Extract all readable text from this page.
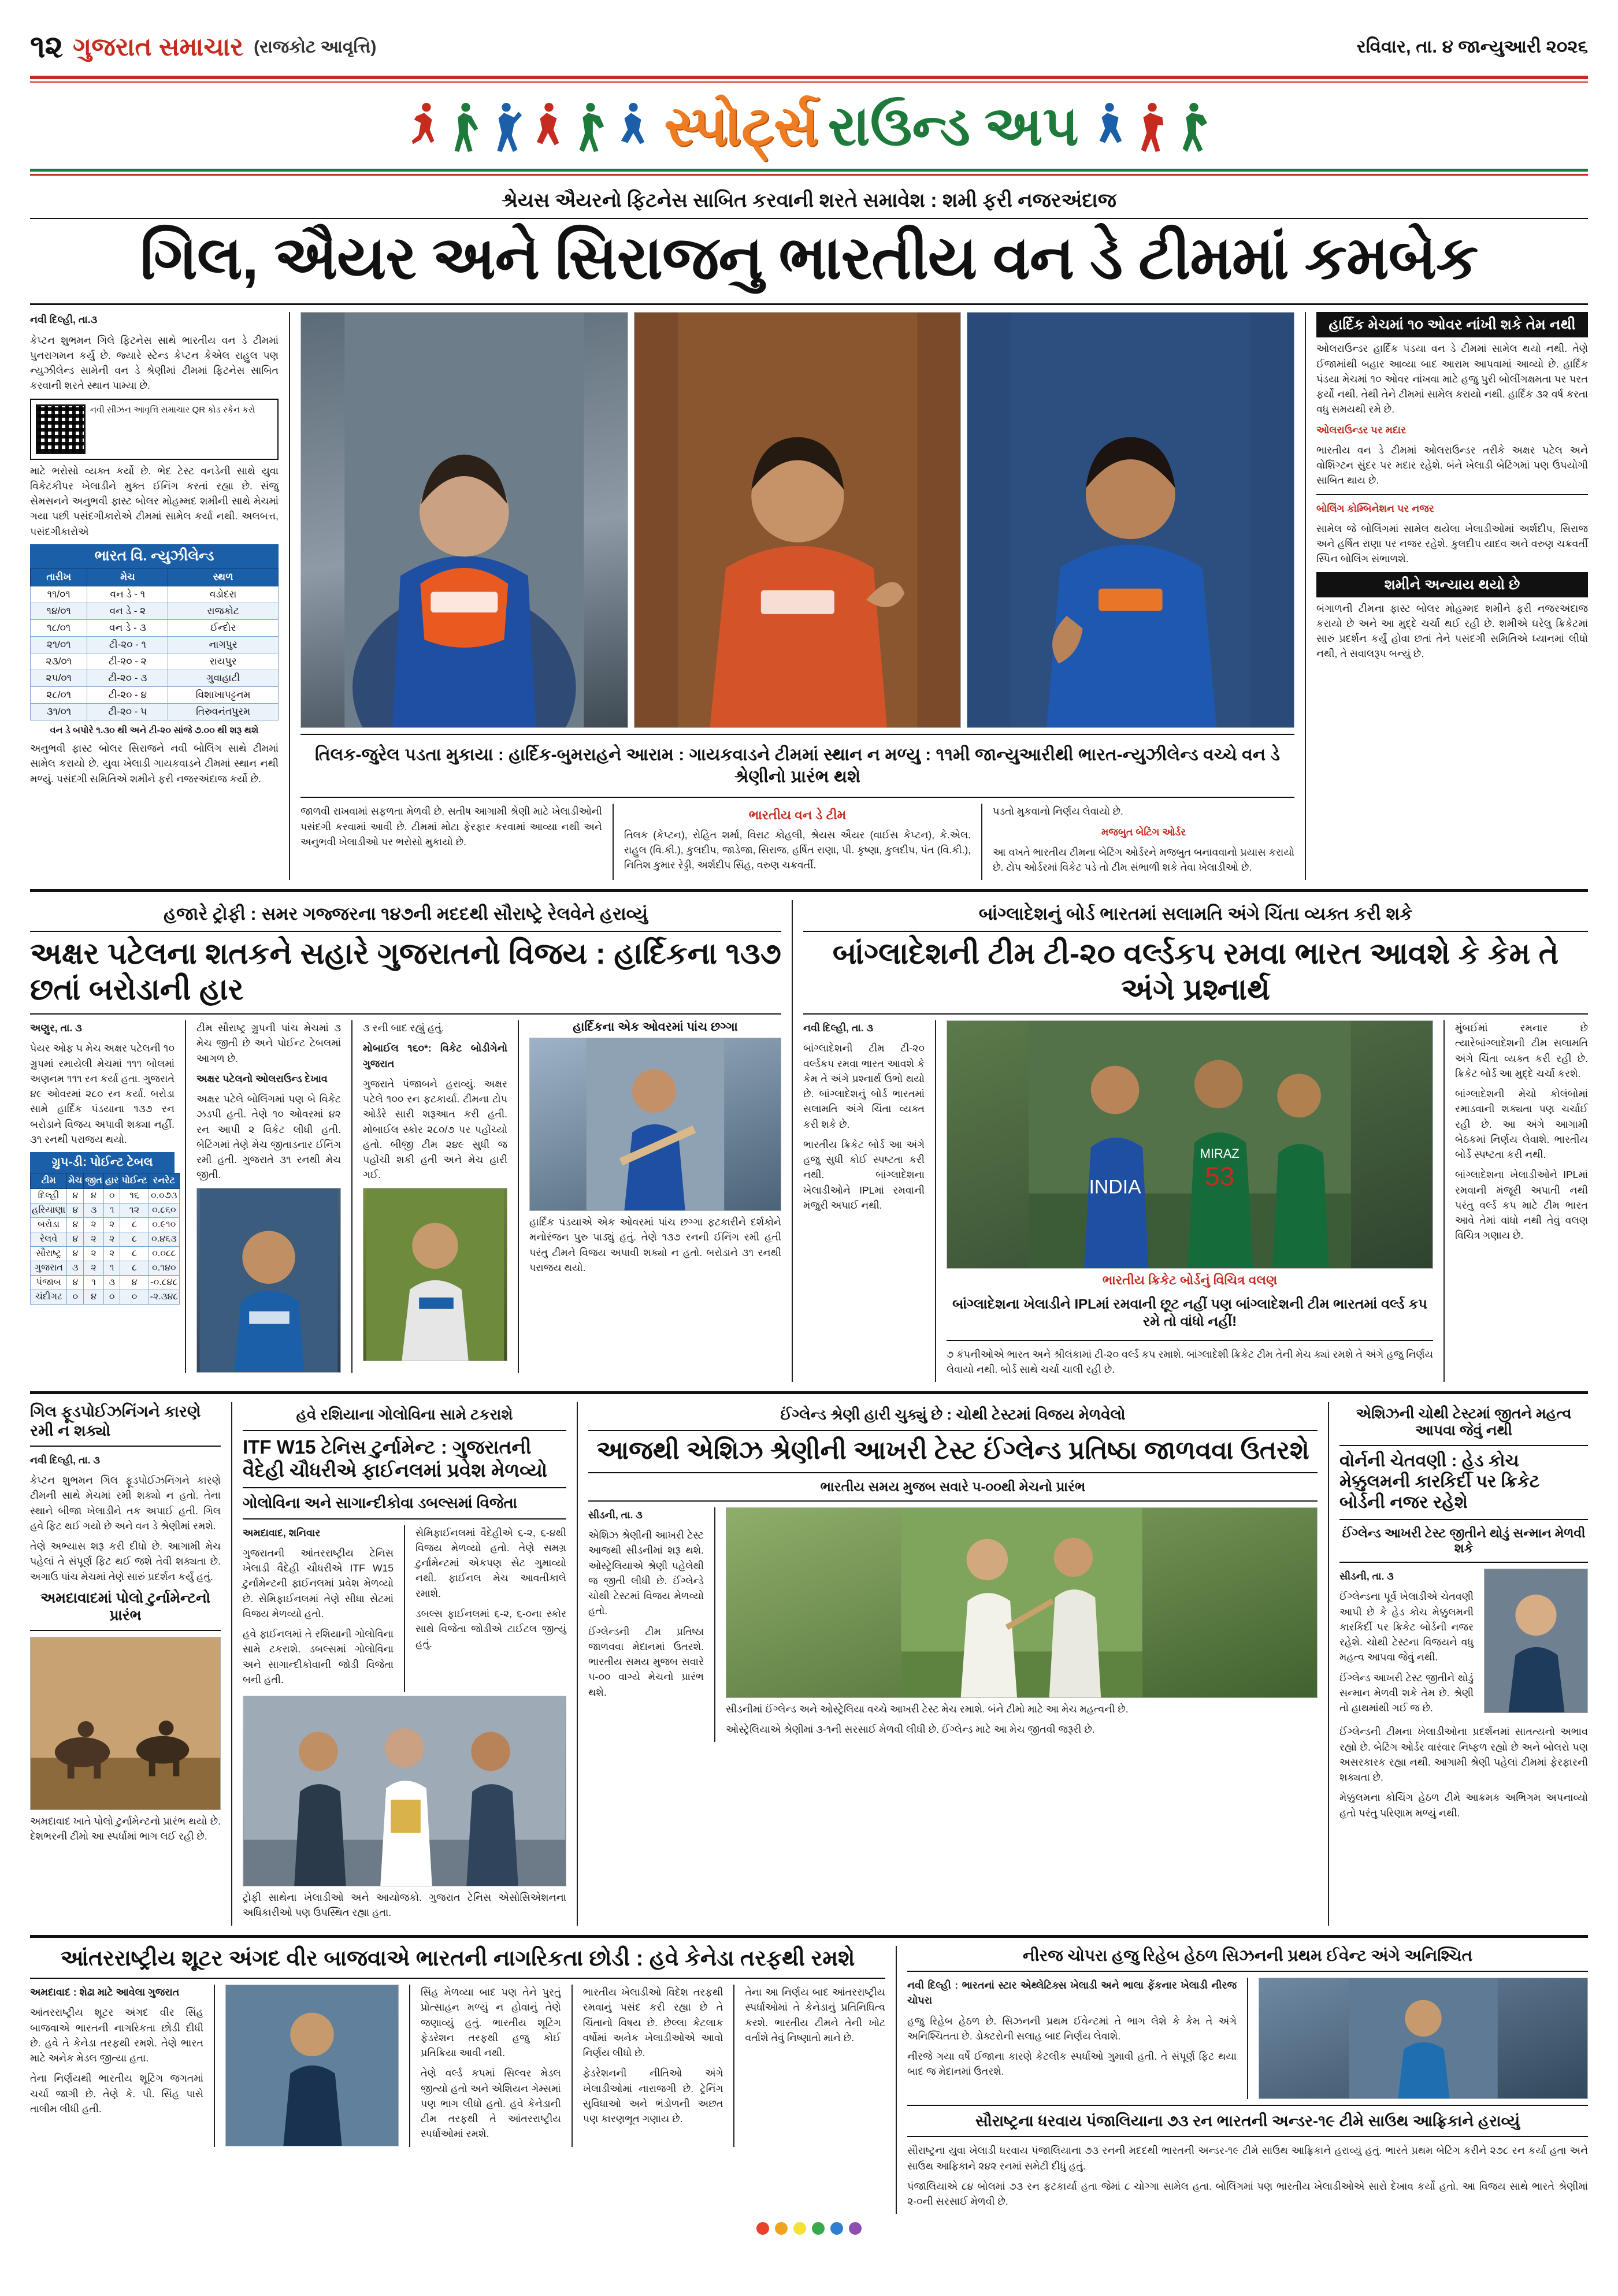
૧૨ ગુજરાત સમાચાર (રાજકોટ આવૃત્તિ)	રવિવાર, તા. ૪ જાન્યુઆરી ૨૦૨૬
સ્પોર્ટ્સ રાઉન્ડ અપ
શ્રેયસ ઐયરનો ફિટનેસ સાબિત કરવાની શરતે સમાવેશ : શમી ફરી નજરઅંદાજ
ગિલ, ઐયર અને સિરાજનુ ભારતીય વન ડે ટીમમાં કમબેક

નવી દિલ્હી, તા.૩

કેપ્ટન શુભમન ગિલે ફિટનેસ સાથે ભારતીય વન ડે ટીમમાં પુનરાગમન કર્યુ છે. જ્યારે સ્ટેન્ડ કેપ્ટન કેએલ રાહુલ પણ ન્યુઝીલેન્ડ સામેની વન ડે શ્રેણીમાં ટીમમાં ફિટનેસ સાબિત કરવાની શરતે સ્થાન પામ્યા છે.

નવી સીઝન આવૃત્તિ સમાચાર QR કોડ સ્કેન કરો

માટે ભરોસો વ્યક્ત કર્યો છે. ભેદ ટેસ્ટ વનડેની સાથે યુવા વિકેટકીપર ખેલાડીને મુક્ત ઈનિંગ કરતાં રહ્યા છે. સંજુ સેમસનને અનુભવી ફાસ્ટ બોલર મોહમ્મદ શમીની સાથે મેચમાં ગયા પછી પસંદગીકારોએ ટીમમાં સામેલ કર્યા નથી. અલબત્ત, પસંદગીકારોએ

ભારત વિ. ન્યુઝીલેન્ડ
તારીખ	મેચ	સ્થળ
૧૧/૦૧	વન ડે - ૧	વડોદરા
૧૪/૦૧	વન ડે - ૨	રાજકોટ
૧૮/૦૧	વન ડે - ૩	ઈન્દોર
૨૧/૦૧	ટી-૨૦ - ૧	નાગપુર
૨૩/૦૧	ટી-૨૦ - ૨	રાયપુર
૨૫/૦૧	ટી-૨૦ - ૩	ગુવાહાટી
૨૮/૦૧	ટી-૨૦ - ૪	વિશાખાપટ્ટનમ
૩૧/૦૧	ટી-૨૦ - ૫	તિરુવનંતપુરમ
વન ડે બપોરે ૧.૩૦ થી અને ટી-૨૦ સાંજે ૭.૦૦ થી શરૂ થશે

અનુભવી ફાસ્ટ બોલર સિરાજને નવી બોલિંગ સાથે ટીમમાં સામેલ કરાયો છે. યુવા ખેલાડી ગાયકવાડને ટીમમાં સ્થાન નથી મળ્યું. પસંદગી સમિતિએ શમીને ફરી નજરઅંદાજ કર્યો છે.

તિલક-જુરેલ પડતા મુકાયા : હાર્દિક-બુમરાહને આરામ : ગાયકવાડને ટીમમાં સ્થાન ન મળ્યુ : ૧૧મી જાન્યુઆરીથી ભારત-ન્યુઝીલેન્ડ વચ્ચે વન ડે શ્રેણીનો પ્રારંભ થશે

જાળવી રાખવામાં સફળતા મેળવી છે. સતીષ આગામી શ્રેણી માટે ખેલાડીઓની પસંદગી કરવામાં આવી છે. ટીમમાં મોટા ફેરફાર કરવામાં આવ્યા નથી અને અનુભવી ખેલાડીઓ પર ભરોસો મુકાયો છે.

ભારતીય વન ડે ટીમ
તિલક (કેપ્ટન), રોહિત શર્મા, વિરાટ કોહલી, શ્રેયસ ઐયર (વાઈસ કેપ્ટન), કે.એલ. રાહુલ (વિ.કી.), કુલદીપ, જાડેજા, સિરાજ, હર્ષિત રાણા, પી. કૃષ્ણા, કુલદીપ, પંત (વિ.કી.), નિતિશ કુમાર રેડ્ડી, અર્શદીપ સિંહ, વરુણ ચક્રવર્તી.

પડતો મુકવાનો નિર્ણય લેવાયો છે.

મજબુત બેટિંગ ઓર્ડર

આ વખતે ભારતીય ટીમના બેટિંગ ઓર્ડરને મજબુત બનાવવાનો પ્રયાસ કરાયો છે. ટોપ ઓર્ડરમાં વિકેટ પડે તો ટીમ સંભાળી શકે તેવા ખેલાડીઓ છે.

હાર્દિક મેચમાં ૧૦ ઓવર નાંખી શકે તેમ નથી

ઓલરાઉન્ડર હાર્દિક પંડયા વન ડે ટીમમાં સામેલ થયો નથી. તેણે ઈજામાંથી બહાર આવ્યા બાદ આરામ આપવામાં આવ્યો છે. હાર્દિક પંડયા મેચમાં ૧૦ ઓવર નાંખવા માટે હજુ પુરી બોલીંગક્ષમતા પર પરત ફર્યો નથી. તેથી તેને ટીમમાં સામેલ કરાયો નથી. હાર્દિક ૩૨ વર્ષ કરતા વધુ સમયથી રમે છે.

ઓલરાઉન્ડર પર મદાર

ભારતીય વન ડે ટીમમાં ઓલરાઉન્ડર તરીકે અક્ષર પટેલ અને વોશિંગ્ટન સુંદર પર મદાર રહેશે. બંને ખેલાડી બેટિંગમાં પણ ઉપયોગી સાબિત થાય છે.

બોલિંગ કોમ્બિનેશન પર નજર

સામેલ જે બોલિંગમાં સામેલ થયેલા ખેલાડીઓમાં અર્શદીપ, સિરાજ અને હર્ષિત રાણા પર નજર રહેશે. કુલદીપ યાદવ અને વરુણ ચક્રવર્તી સ્પિન બોલિંગ સંભાળશે.

શમીને અન્યાય થયો છે

બંગાળની ટીમના ફાસ્ટ બોલર મોહમ્મદ શમીને ફરી નજરઅંદાજ કરાયો છે અને આ મુદ્દે ચર્ચા થઈ રહી છે. શમીએ ઘરેલુ ક્રિકેટમાં સારું પ્રદર્શન કર્યું હોવા છતાં તેને પસંદગી સમિતિએ ધ્યાનમાં લીધો નથી, તે સવાલરૂપ બન્યું છે.

હજારે ટ્રોફી : સમર ગજ્જરના ૧૪૭ની મદદથી સૌરાષ્ટ્રે રેલવેને હરાવ્યું
અક્ષર પટેલના શતકને સહારે ગુજરાતનો વિજય : હાર્દિકના ૧૩૭ છતાં બરોડાની હાર

અણુર, તા. ૩

પેયર ઓફ ૫ મેચ અક્ષર પટેલની ૧૦ ગ્રુપમાં રમાયેલી મેચમાં ૧૧૧ બોલમાં અણનમ ૧૧૧ રન કર્યા હતા. ગુજરાતે ૪૯ ઓવરમાં ૨૮૦ રન કર્યા. બરોડા સામે હાર્દિક પંડયાના ૧૩૭ રન બરોડાને વિજય અપાવી શક્યા નહીં. ૩૧ રનથી પરાજય થયો.

ગ્રુપ-ડી: પોઈન્ટ ટેબલ
ટીમ	મેચ	જીત	હાર	પોઈન્ટ	રનરેટ
દિલ્હી	૪	૪	૦	૧૬	૦.૦૭૩
હરિયાણા	૪	૩	૧	૧૨	૦.૮૬૦
બરોડા	૪	૨	૨	૮	૦.૯૧૦
રેલવે	૪	૨	૨	૮	૦.૪૬૩
સૌરાષ્ટ્ર	૪	૨	૨	૮	૦.૦૮૮
ગુજરાત	૩	૨	૧	૮	૦.૧૪૦
પંજાબ	૪	૧	૩	૪	-૦.૮૪૮
ચંદીગઢ	૦	૪	૦	૦	-૨.૩૪૮

ટીમ સૌરાષ્ટ્ર ગ્રુપની પાંચ મેચમાં ૩ મેચ જીતી છે અને પોઈન્ટ ટેબલમાં આગળ છે.

અક્ષર પટેલનો ઓલરાઉન્ડ દેખાવ

અક્ષર પટેલે બોલિંગમાં પણ બે વિકેટ ઝડપી હતી. તેણે ૧૦ ઓવરમાં ૪૨ રન આપી ૨ વિકેટ લીધી હતી. બેટિંગમાં તેણે મેચ જીતાડનાર ઈનિંગ રમી હતી. ગુજરાતે ૩૧ રનથી મેચ જીતી.

૩ રની બાદ રહ્યું હતું.

મોબાઈલ ૧૬૦*: વિકેટ બોડીગેનો ગુજરાત

ગુજરાતે પંજાબને હરાવ્યું. અક્ષર પટેલે ૧૦૦ રન ફટકાર્યા. ટીમના ટોપ ઓર્ડરે સારી શરૂઆત કરી હતી. મોબાઈલ સ્કોર ૨૮૦/૭ પર પહોંચ્યો હતો. બીજી ટીમ ૨૪૯ સુધી જ પહોંચી શકી હતી અને મેચ હારી ગઈ.

હાર્દિકના એક ઓવરમાં પાંચ છગ્ગા

હાર્દિક પંડયાએ એક ઓવરમાં પાંચ છગ્ગા ફટકારીને દર્શકોને મનોરંજન પુરુ પાડ્યું હતું. તેણે ૧૩૭ રનની ઈનિંગ રમી હતી પરંતુ ટીમને વિજય અપાવી શક્યો ન હતો. બરોડાને ૩૧ રનથી પરાજય થયો.

બાંગ્લાદેશનું બોર્ડ ભારતમાં સલામતિ અંગે ચિંતા વ્યક્ત કરી શકે
બાંગ્લાદેશની ટીમ ટી-૨૦ વર્લ્ડકપ રમવા ભારત આવશે કે કેમ તે અંગે પ્રશ્નાર્થ

નવી દિલ્હી, તા. ૩

બાંગ્લાદેશની ટીમ ટી-૨૦ વર્લ્ડકપ રમવા ભારત આવશે કે કેમ તે અંગે પ્રશ્નાર્થ ઉભો થયો છે. બાંગ્લાદેશનું બોર્ડ ભારતમાં સલામતિ અંગે ચિંતા વ્યક્ત કરી શકે છે.

ભારતીય ક્રિકેટ બોર્ડ આ અંગે હજુ સુધી કોઈ સ્પષ્ટતા કરી નથી. બાંગ્લાદેશના ખેલાડીઓને IPLમાં રમવાની મંજુરી અપાઈ નથી.

INDIA 53
MIRAZ
ભારતીય ક્રિકેટ બોર્ડનું વિચિત્ર વલણ
બાંગ્લાદેશના ખેલાડીને IPLમાં રમવાની છૂટ નહીં પણ બાંગ્લાદેશની ટીમ ભારતમાં વર્લ્ડ કપ રમે તો વાંધો નહીં!

૭ કંપનીઓએ ભારત અને શ્રીલંકામાં ટી-૨૦ વર્લ્ડ કપ રમાશે. બાંગ્લાદેશી ક્રિકેટ ટીમ તેની મેચ ક્યાં રમશે તે અંગે હજુ નિર્ણય લેવાયો નથી. બોર્ડ સાથે ચર્ચા ચાલી રહી છે.

મુંબઈમાં રમનાર છે ત્યારેબાંગ્લાદેશની ટીમ સલામતિ અંગે ચિંતા વ્યક્ત કરી રહી છે. ક્રિકેટ બોર્ડ આ મુદ્દે ચર્ચા કરશે.

બાંગ્લાદેશની મેચો કોલંબોમાં રમાડવાની શક્યતા પણ ચર્ચાઈ રહી છે. આ અંગે આગામી બેઠકમાં નિર્ણય લેવાશે. ભારતીય બોર્ડે સ્પષ્ટતા કરી નથી.

બાંગ્લાદેશના ખેલાડીઓને IPLમાં રમવાની મંજૂરી અપાતી નથી પરંતુ વર્લ્ડ કપ માટે ટીમ ભારત આવે તેમાં વાંધો નથી તેવું વલણ વિચિત્ર ગણાય છે.

ગિલ ફૂડપોઈઝનિંગને કારણે રમી ન શક્યો

નવી દિલ્હી, તા. ૩

કેપ્ટન શુભમન ગિલ ફૂડપોઈઝનિંગને કારણે ટીમની સાથે મેચમાં રમી શક્યો ન હતો. તેના સ્થાને બીજા ખેલાડીને તક અપાઈ હતી. ગિલ હવે ફિટ થઈ ગયો છે અને વન ડે શ્રેણીમાં રમશે.

તેણે અભ્યાસ શરૂ કરી દીધો છે. આગામી મેચ પહેલાં તે સંપૂર્ણ ફિટ થઈ જશે તેવી શક્યતા છે. અગાઉ પાંચ મેચમાં તેણે સારું પ્રદર્શન કર્યું હતું.

અમદાવાદમાં પોલો ટુર્નામેન્ટનો પ્રારંભ

અમદાવાદ ખાતે પોલો ટુર્નામેન્ટનો પ્રારંભ થયો છે. દેશભરની ટીમો આ સ્પર્ધામાં ભાગ લઈ રહી છે.

હવે રશિયાના ગોલોવિના સામે ટકરાશે
ITF W15 ટેનિસ ટુર્નામેન્ટ : ગુજરાતની વૈદેહી ચૌધરીએ ફાઈનલમાં પ્રવેશ મેળવ્યો
ગોલોવિના અને સાગાન્દીકોવા ડબલ્સમાં વિજેતા

અમદાવાદ, શનિવાર

ગુજરાતની આંતરરાષ્ટ્રીય ટેનિસ ખેલાડી વૈદેહી ચૌધરીએ ITF W15 ટુર્નામેન્ટની ફાઈનલમાં પ્રવેશ મેળવ્યો છે. સેમિફાઈનલમાં તેણે સીધા સેટમાં વિજય મેળવ્યો હતો.

હવે ફાઈનલમાં તે રશિયાની ગોલોવિના સામે ટકરાશે. ડબલ્સમાં ગોલોવિના અને સાગાન્દીકોવાની જોડી વિજેતા બની હતી.

સેમિફાઈનલમાં વૈદેહીએ ૬-૨, ૬-૪થી વિજય મેળવ્યો હતો. તેણે સમગ્ર ટુર્નામેન્ટમાં એકપણ સેટ ગુમાવ્યો નથી. ફાઈનલ મેચ આવતીકાલે રમાશે.

ડબલ્સ ફાઈનલમાં ૬-૨, ૬-૦ના સ્કોર સાથે વિજેતા જોડીએ ટાઈટલ જીત્યું હતું.

ટ્રોફી સાથેના ખેલાડીઓ અને આયોજકો. ગુજરાત ટેનિસ એસોસિએશનના અધિકારીઓ પણ ઉપસ્થિત રહ્યા હતા.

ઈંગ્લેન્ડ શ્રેણી હારી ચુક્યું છે : ચોથી ટેસ્ટમાં વિજય મેળવેલો
આજથી એશિઝ શ્રેણીની આખરી ટેસ્ટ ઈંગ્લેન્ડ પ્રતિષ્ઠા જાળવવા ઉતરશે
ભારતીય સમય મુજબ સવારે ૫-૦૦થી મેચનો પ્રારંભ

સીડની, તા. ૩

એશિઝ શ્રેણીની આખરી ટેસ્ટ આજથી સીડનીમાં શરૂ થશે. ઓસ્ટ્રેલિયાએ શ્રેણી પહેલેથી જ જીતી લીધી છે. ઈંગ્લેન્ડે ચોથી ટેસ્ટમાં વિજય મેળવ્યો હતો.

ઈંગ્લેન્ડની ટીમ પ્રતિષ્ઠા જાળવવા મેદાનમાં ઉતરશે. ભારતીય સમય મુજબ સવારે ૫-૦૦ વાગ્યે મેચનો પ્રારંભ થશે.

સીડનીમાં ઈંગ્લેન્ડ અને ઓસ્ટ્રેલિયા વચ્ચે આખરી ટેસ્ટ મેચ રમાશે. બંને ટીમો માટે આ મેચ મહત્વની છે.

ઓસ્ટ્રેલિયાએ શ્રેણીમાં ૩-૧ની સરસાઈ મેળવી લીધી છે. ઈંગ્લેન્ડ માટે આ મેચ જીતવી જરૂરી છે.

એશિઝની ચોથી ટેસ્ટમાં જીતને મહત્વ આપવા જેવું નથી
વોર્નની ચેતવણી : હેડ કોચ મેક્કુલમની કારકિર્દી પર ક્રિકેટ બોર્ડની નજર રહેશે
ઈંગ્લેન્ડ આખરી ટેસ્ટ જીતીને થોડું સન્માન મેળવી શકે

સીડની, તા. ૩

ઈંગ્લેન્ડના પૂર્વ ખેલાડીએ ચેતવણી આપી છે કે હેડ કોચ મેક્કુલમની કારકિર્દી પર ક્રિકેટ બોર્ડની નજર રહેશે. ચોથી ટેસ્ટના વિજયને વધુ મહત્વ આપવા જેવું નથી.

ઈંગ્લેન્ડ આખરી ટેસ્ટ જીતીને થોડું સન્માન મેળવી શકે તેમ છે. શ્રેણી તો હાથમાંથી ગઈ જ છે.

ઈંગ્લેન્ડની ટીમના ખેલાડીઓના પ્રદર્શનમાં સાતત્યનો અભાવ રહ્યો છે. બેટિંગ ઓર્ડર વારંવાર નિષ્ફળ રહ્યો છે અને બોલરો પણ અસરકારક રહ્યા નથી. આગામી શ્રેણી પહેલાં ટીમમાં ફેરફારની શક્યતા છે.

મેક્કુલમના કોચિંગ હેઠળ ટીમે આક્રમક અભિગમ અપનાવ્યો હતો પરંતુ પરિણામ મળ્યું નથી.

આંતરરાષ્ટ્રીય શૂટર અંગદ વીર બાજવાએ ભારતની નાગરિકતા છોડી : હવે કેનેડા તરફથી રમશે

અમદાવાદ : શેઢા માટે આવેલા ગુજરાત

આંતરરાષ્ટ્રીય શૂટર અંગદ વીર સિંહ બાજવાએ ભારતની નાગરિકતા છોડી દીધી છે. હવે તે કેનેડા તરફથી રમશે. તેણે ભારત માટે અનેક મેડલ જીત્યા હતા.

તેના નિર્ણયથી ભારતીય શૂટિંગ જગતમાં ચર્ચા જાગી છે. તેણે કે. પી. સિંહ પાસે તાલીમ લીધી હતી.

સિંહ મેળવ્યા બાદ પણ તેને પુરતું પ્રોત્સાહન મળ્યું ન હોવાનું તેણે જણાવ્યું હતું. ભારતીય શૂટિંગ ફેડરેશન તરફથી હજુ કોઈ પ્રતિક્રિયા આવી નથી.

તેણે વર્લ્ડ કપમાં સિલ્વર મેડલ જીત્યો હતો અને એશિયન ગેમ્સમાં પણ ભાગ લીધો હતો. હવે કેનેડાની ટીમ તરફથી તે આંતરરાષ્ટ્રીય સ્પર્ધાઓમાં રમશે.

ભારતીય ખેલાડીઓ વિદેશ તરફથી રમવાનું પસંદ કરી રહ્યા છે તે ચિંતાનો વિષય છે. છેલ્લા કેટલાક વર્ષોમાં અનેક ખેલાડીઓએ આવો નિર્ણય લીધો છે.

ફેડરેશનની નીતિઓ અંગે ખેલાડીઓમાં નારાજગી છે. ટ્રેનિંગ સુવિધાઓ અને ભંડોળની અછત પણ કારણભૂત ગણાય છે.

તેના આ નિર્ણય બાદ આંતરરાષ્ટ્રીય સ્પર્ધાઓમાં તે કેનેડાનું પ્રતિનિધિત્વ કરશે. ભારતીય ટીમને તેની ખોટ વર્તાશે તેવું નિષ્ણાતો માને છે.

નીરજ ચોપરા હજુ રિહેબ હેઠળ સિઝનની પ્રથમ ઈવેન્ટ અંગે અનિશ્ચિત

નવી દિલ્હી : ભારતનાં સ્ટાર એથ્લેટિક્સ ખેલાડી અને ભાલા ફેંકનાર ખેલાડી નીરજ ચોપરા

હજુ રિહેબ હેઠળ છે. સિઝનની પ્રથમ ઈવેન્ટમાં તે ભાગ લેશે કે કેમ તે અંગે અનિશ્ચિતતા છે. ડોક્ટરોની સલાહ બાદ નિર્ણય લેવાશે.

નીરજે ગયા વર્ષે ઈજાના કારણે કેટલીક સ્પર્ધાઓ ગુમાવી હતી. તે સંપૂર્ણ ફિટ થયા બાદ જ મેદાનમાં ઉતરશે.

સૌરાષ્ટ્રના ધરવાય પંજાલિયાના ૭૩ રન ભારતની અન્ડર-૧૯ ટીમે સાઉથ આફ્રિકાને હરાવ્યું

સૌરાષ્ટ્રના યુવા ખેલાડી ધરવાય પંજાલિયાના ૭૩ રનની મદદથી ભારતની અન્ડર-૧૯ ટીમે સાઉથ આફ્રિકાને હરાવ્યું હતું. ભારતે પ્રથમ બેટિંગ કરીને ૨૭૮ રન કર્યા હતા અને સાઉથ આફ્રિકાને ૨૪૨ રનમાં સમેટી દીધું હતું.

પંજાલિયાએ ૮૪ બોલમાં ૭૩ રન ફટકાર્યા હતા જેમાં ૮ ચોગ્ગા સામેલ હતા. બોલિંગમાં પણ ભારતીય ખેલાડીઓએ સારો દેખાવ કર્યો હતો. આ વિજય સાથે ભારતે શ્રેણીમાં ૨-૦ની સરસાઈ મેળવી છે.
